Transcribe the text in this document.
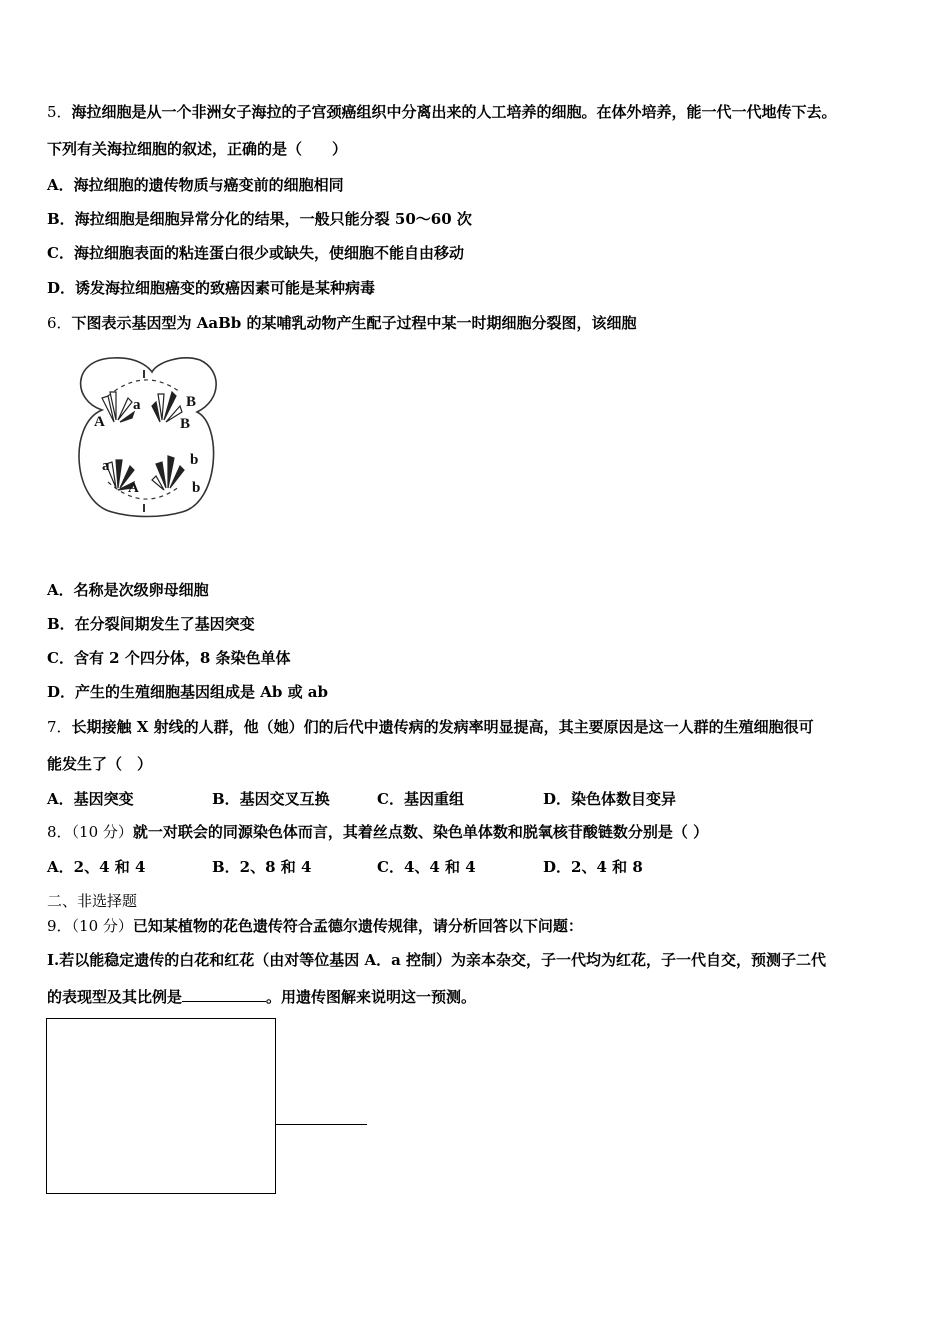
5．海拉细胞是从一个非洲女子海拉的子宫颈癌组织中分离出来的人工培养的细胞。在体外培养，能一代一代地传下去。
下列有关海拉细胞的叙述，正确的是（　　）
A．海拉细胞的遗传物质与癌变前的细胞相同
B．海拉细胞是细胞异常分化的结果，一般只能分裂 50～60 次
C．海拉细胞表面的粘连蛋白很少或缺失，使细胞不能自由移动
D．诱发海拉细胞癌变的致癌因素可能是某种病毒
6．下图表示基因型为 AaBb 的某哺乳动物产生配子过程中某一时期细胞分裂图，该细胞
a
A
B
B
a
A
b
b
A．名称是次级卵母细胞
B．在分裂间期发生了基因突变
C．含有 2 个四分体，8 条染色单体
D．产生的生殖细胞基因组成是 Ab 或 ab
7．长期接触 X 射线的人群，他（她）们的后代中遗传病的发病率明显提高，其主要原因是这一人群的生殖细胞很可
能发生了（　）
A．基因突变	B．基因交叉互换	C．基因重组	D．染色体数目变异
8．（10 分）就一对联会的同源染色体而言，其着丝点数、染色单体数和脱氧核苷酸链数分别是（ ）
A．2、4 和 4	B．2、8 和 4	C．4、4 和 4	D．2、4 和 8
二、非选择题
9．（10 分）已知某植物的花色遗传符合孟德尔遗传规律，请分析回答以下问题：
I.若以能稳定遗传的白花和红花（由对等位基因 A．a 控制）为亲本杂交，子一代均为红花，子一代自交，预测子二代
的表现型及其比例是	。用遗传图解来说明这一预测。
